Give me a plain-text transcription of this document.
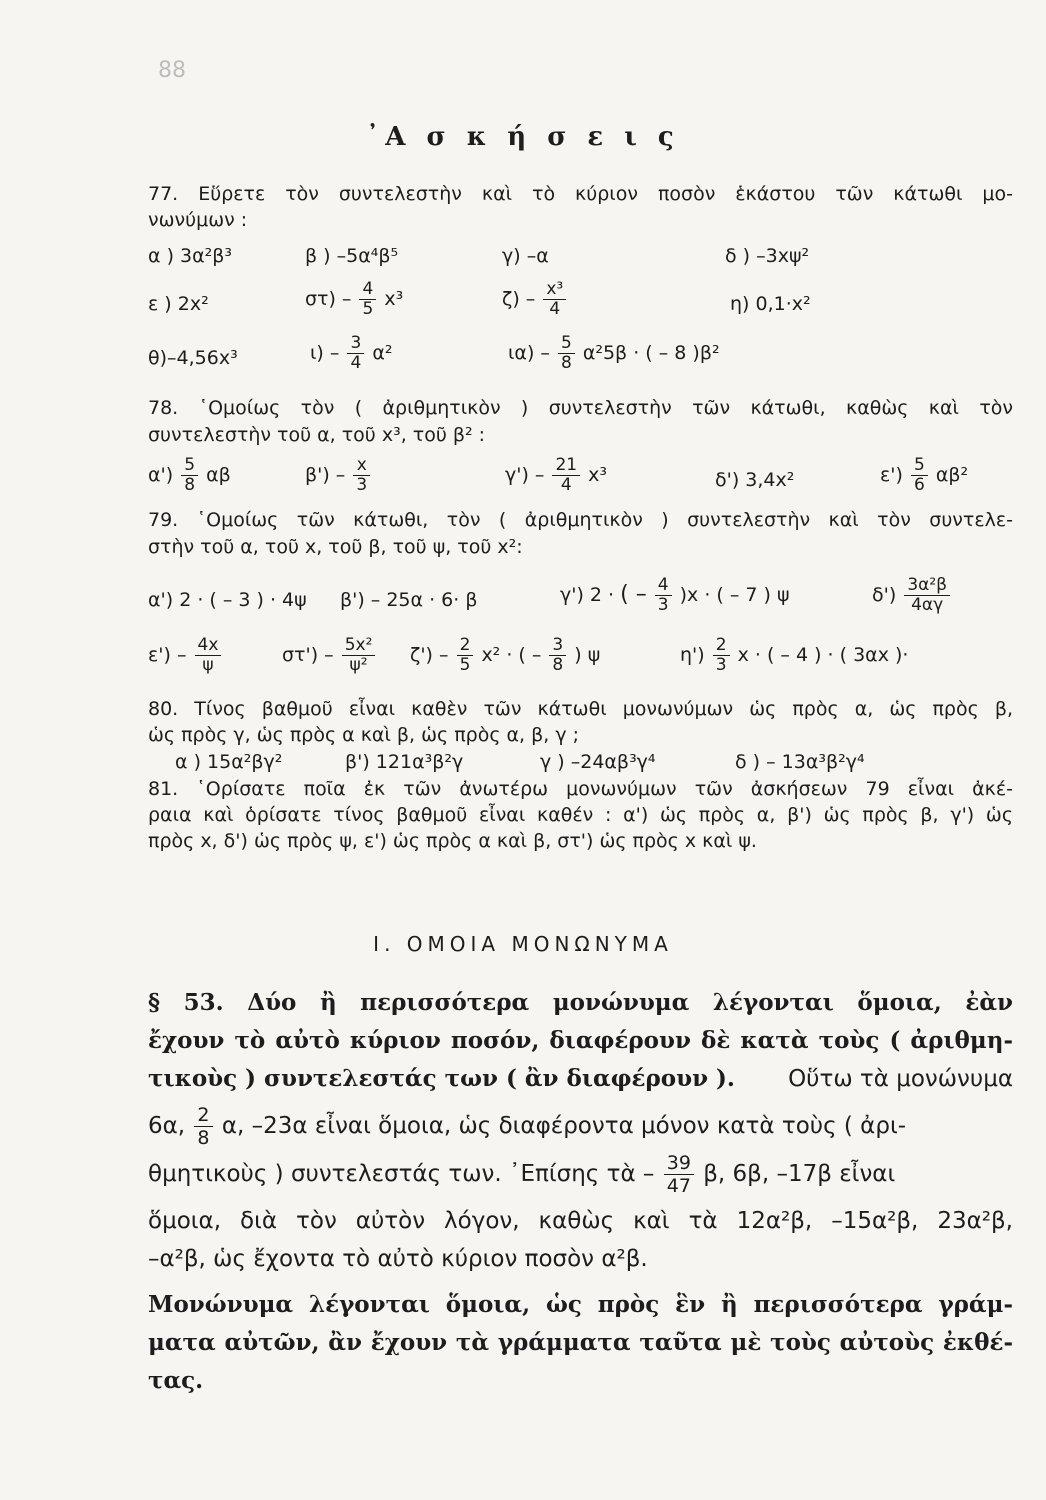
88
᾿Α σ κ ή σ ε ι ς
77. Εὕρετε τὸν συντελεστὴν καὶ τὸ κύριον ποσὸν ἑκάστου τῶν κάτωθι μο-
νωνύμων :
α ) 3α²β³	β ) –5α⁴β⁵	γ) –α	δ ) –3xψ²
ε ) 2x²	$\sigma\tau) - \frac{4}{5} x^3$	$\zeta) - \frac{\text{x³}}{4}$	η) 0,1·x²
θ)–4,56x³	$\iota) - \frac{3}{4} \alpha^2$	$\iota\alpha) - \frac{5}{8} \alpha^25\beta$ · ( – 8 )β²
78. ῾Ομοίως τὸν ( ἀριθμητικὸν ) συντελεστὴν τῶν κάτωθι, καθὼς καὶ τὸν
συντελεστὴν τοῦ α, τοῦ x³, τοῦ β² :
$\alpha') \frac{5}{8}$ αβ	$\beta') - \frac{x}{3}$	$\gamma') - \frac{21}{4} x^3$	δ') 3,4x²	$\varepsilon') \frac{5}{6} \alpha\beta^2$
79. ῾Ομοίως τῶν κάτωθι, τὸν ( ἀριθμητικὸν ) συντελεστὴν καὶ τὸν συντελε-
στὴν τοῦ α, τοῦ x, τοῦ β, τοῦ ψ, τοῦ x²:
α') 2 · ( – 3 ) · 4ψ β') – 25α · 6· β	γ') 2 · ( – $\frac{4}{3} )x$ · ( – 7 ) ψ	$\delta') \frac{\text{3α²β}}{4\alpha\gamma}$
$\varepsilon') - \frac{4x}{\psi}$	$\sigma\tau') - \frac{\text{5x²}}{\text{ψ²}} \zeta') - \frac{2}{5} x^2$ · ( – $\frac{3}{8}$ ) ψ	$\eta') \frac{2}{3}$ x · ( – 4 ) · ( 3αx )·
80. Τίνος βαθμοῦ εἶναι καθὲν τῶν κάτωθι μονωνύμων ὡς πρὸς α, ὡς πρὸς β,
ὡς πρὸς γ, ὡς πρὸς α καὶ β, ὡς πρὸς α, β, γ ;
α ) 15α²βγ²	β') 121α³β²γ	γ ) –24αβ³γ⁴	δ ) – 13α³β²γ⁴
81. ῾Ορίσατε ποῖα ἐκ τῶν ἀνωτέρω μονωνύμων τῶν ἀσκήσεων 79 εἶναι ἀκέ-
ραια καὶ ὁρίσατε τίνος βαθμοῦ εἶναι καθέν : α') ὡς πρὸς α, β') ὡς πρὸς β, γ') ὡς
πρὸς x, δ') ὡς πρὸς ψ, ε') ὡς πρὸς α καὶ β, στ') ὡς πρὸς x καὶ ψ.
Ι. ΟΜΟΙΑ ΜΟΝΩΝΥΜΑ
§ 53. Δύο ἢ περισσότερα μονώνυμα λέγονται ὅμοια, ἐὰν
ἔχουν τὸ αὐτὸ κύριον ποσόν, διαφέρουν δὲ κατὰ τοὺς ( ἀριθμη-
τικοὺς ) συντελεστάς των ( ἂν διαφέρουν ). Οὕτω τὰ μονώνυμα
6α, $\frac{2}{8} \alpha$, –23α εἶναι ὅμοια, ὡς διαφέροντα μόνον κατὰ τοὺς ( ἀρι-
θμητικοὺς ) συντελεστάς των. ᾿Επίσης τὰ – $\frac{39}{47} \beta$, 6β, –17β εἶναι
ὅμοια, διὰ τὸν αὐτὸν λόγον, καθὼς καὶ τὰ 12α²β, –15α²β, 23α²β,
–α²β, ὡς ἔχοντα τὸ αὐτὸ κύριον ποσὸν α²β.
Μονώνυμα λέγονται ὅμοια, ὡς πρὸς ἓν ἢ περισσότερα γράμ-
ματα αὐτῶν, ἂν ἔχουν τὰ γράμματα ταῦτα μὲ τοὺς αὐτοὺς ἐκθέ-
τας.
